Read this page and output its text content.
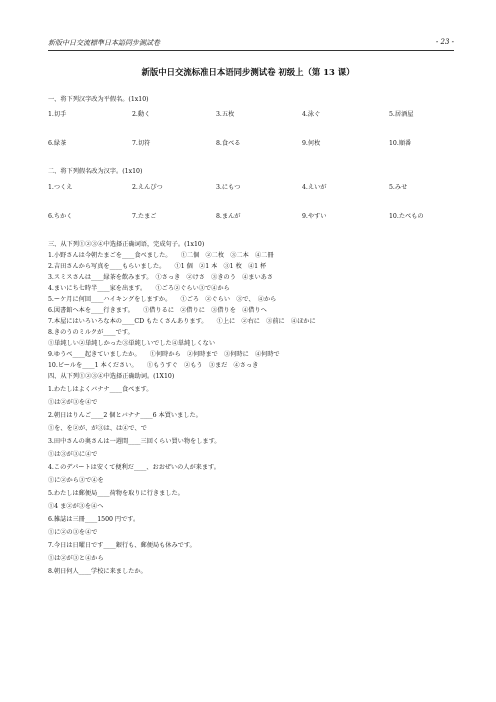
新版中日交流標準日本語同步測試卷	- 23 -
新版中日交流标准日本语同步测试卷 初级上（第 13 课）
一、将下列汉字改为平假名。(1x10)
1.切手	2.動く	3.五枚	4.泳ぐ	5.居酒屋
6.緑茶	7.切符	8.食べる	9.何枚	10.順番
二、将下列假名改为汉字。(1x10)
1.つくえ	2.えんぴつ	3.にもつ	4.えいが	5.みせ
6.ちかく	7.たまご	8.まんが	9.やすい	10.たべもの
三、从下列①②③④中选择正确词语，完成句子。(1x10)
1.小野さんは今朝たまごを____食べました。　　①二個　②二枚　③二本　④二冊
2.吉田さんから写真を____もらいました。　　①1 個　②1 本　③1 枚　④1 杯
3.スミスさんは____緑茶を飲みます。　①さっき　②けさ　③きのう　④まいあさ
4.まいにち七時半____家を出ます。　　①ごろ②ぐらい③で④から
5.ーケ月に何回____ハイキングをしますか。　　①ごろ　②ぐらい　③で、　④から
6.図書館へ本を____行きます。　　①借りるに　②借りに　③借りを　④借りへ
7.本屋にはいろいろな本の____CD もたくさんあります。　　①上に　②右に　③前に　④ほかに
8.きのうのミルクが____です。
①単純しい②単純しかった③単純しいでした④単純しくない
9.ゆうべ____起きていましたか。　　①何時から　②何時まで　③何時に　④何時で
10.ビールを____1 本ください。　　①もうすぐ　②もう　③まだ　④さっき
四、从下列①②③④中选择正确助词。(1X10)
1.わたしはよくバナナ____食べます。
①は②が③を④で
2.朝日はりんご____2 個とバナナ____6 本買いました。
①を、を②が、が③は、は④で、で
3.田中さんの奥さんは一週間____三回くらい買い物をします。
①は③が③に④で
4.このデパートは安くて便利だ____、おおぜいの人が来ます。
①に②から③で④を
5.わたしは郵便局____荷物を取りに行きました。
①4 ま②が③を④へ
6.雑誌は三冊____1500 円です。
①に②の③を④で
7.今日は日曜日です____銀行も、郵便局も休みです。
①は②が③と④から
8.朝日何人____学校に来ましたか。
